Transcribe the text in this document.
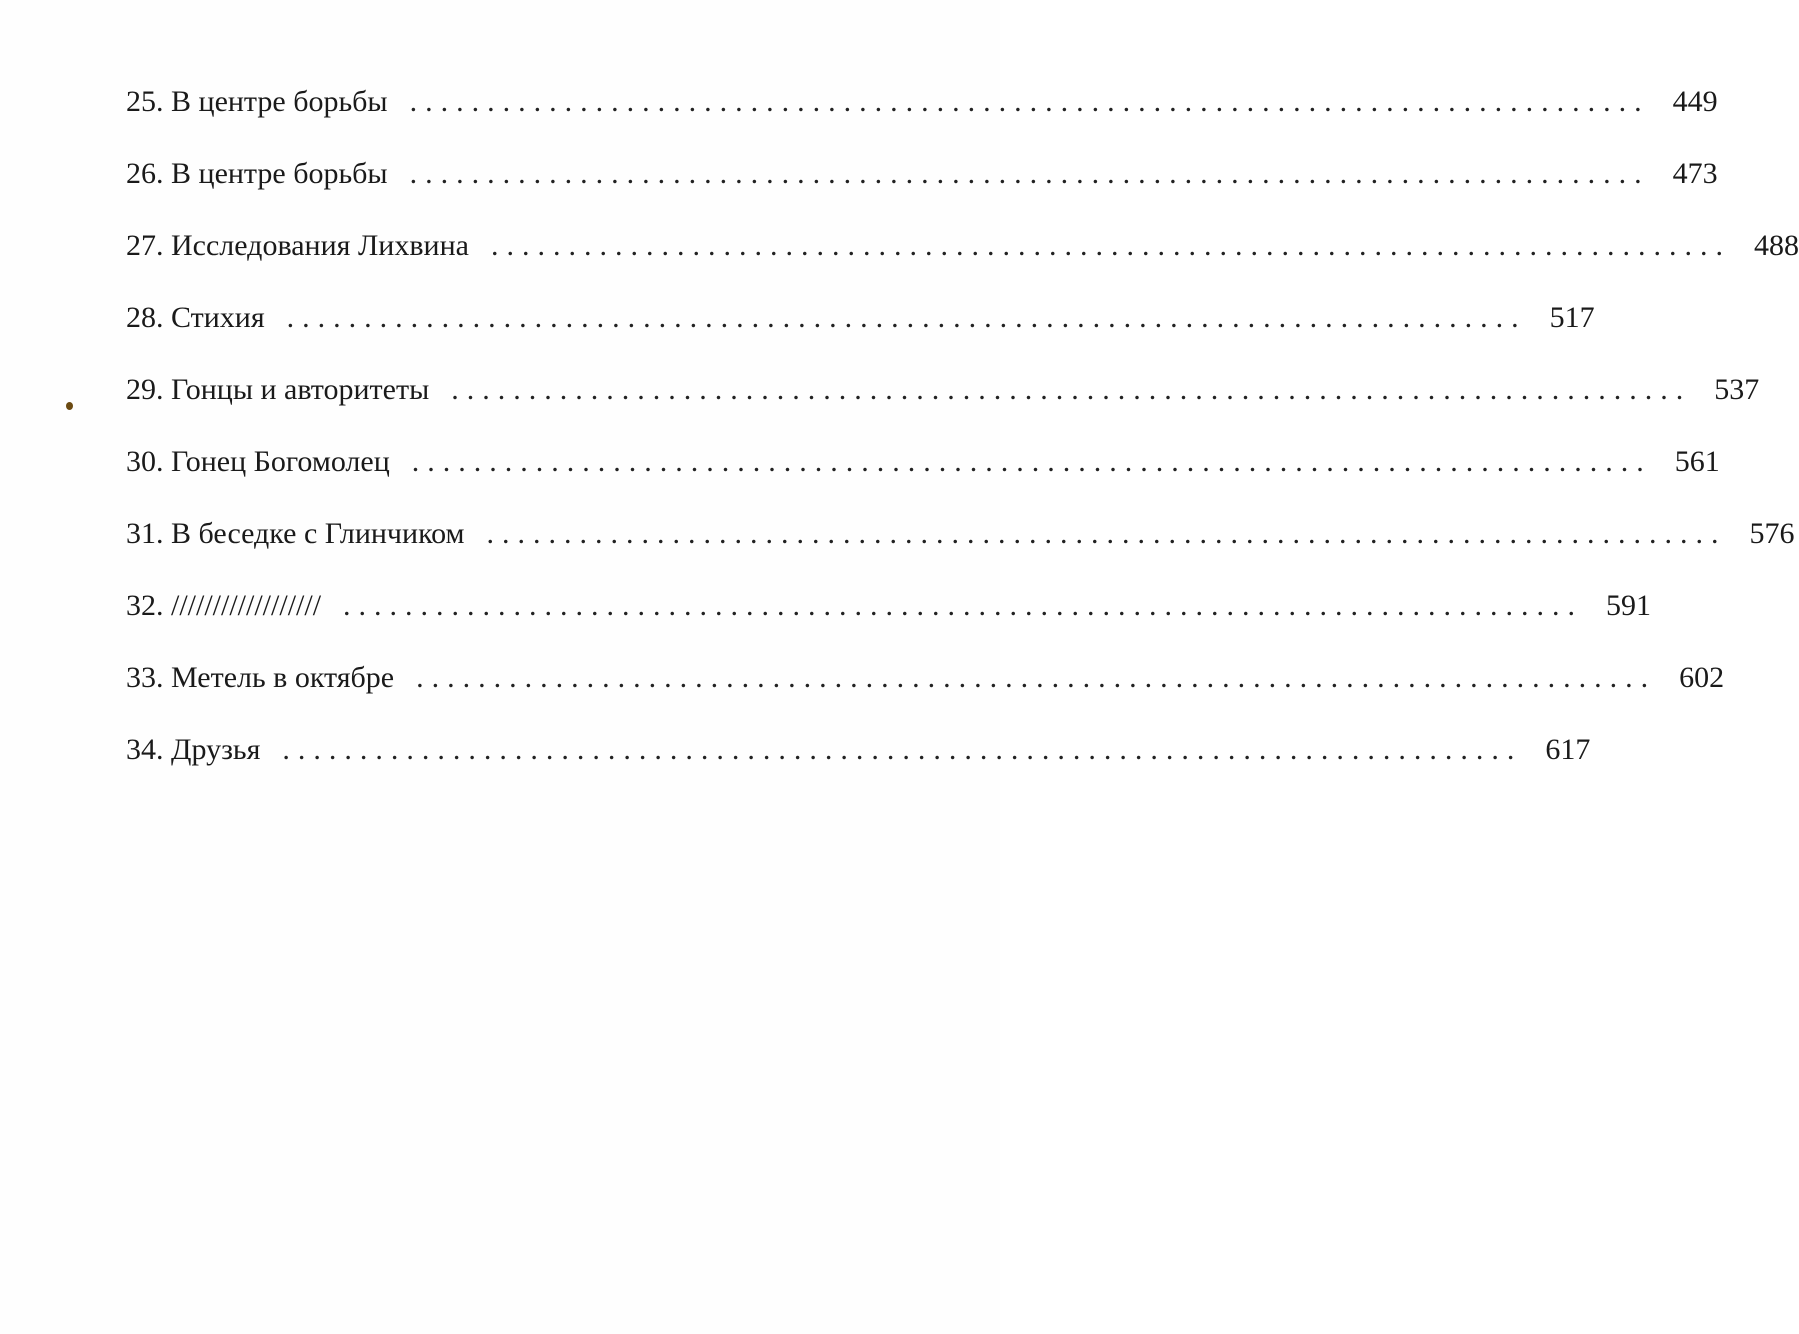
25. В центре борьбы ................................................................................ 449
26. В центре борьбы ................................................................................ 473
27. Исследования Лихвина ................................................................................ 488
28. Стихия ................................................................................ 517
29. Гонцы и авторитеты ................................................................................ 537
30. Гонец Богомолец ................................................................................ 561
31. В беседке с Глинчиком ................................................................................ 576
32. ////////////////// ................................................................................ 591
33. Метель в октябре ................................................................................ 602
34. Друзья ................................................................................ 617
